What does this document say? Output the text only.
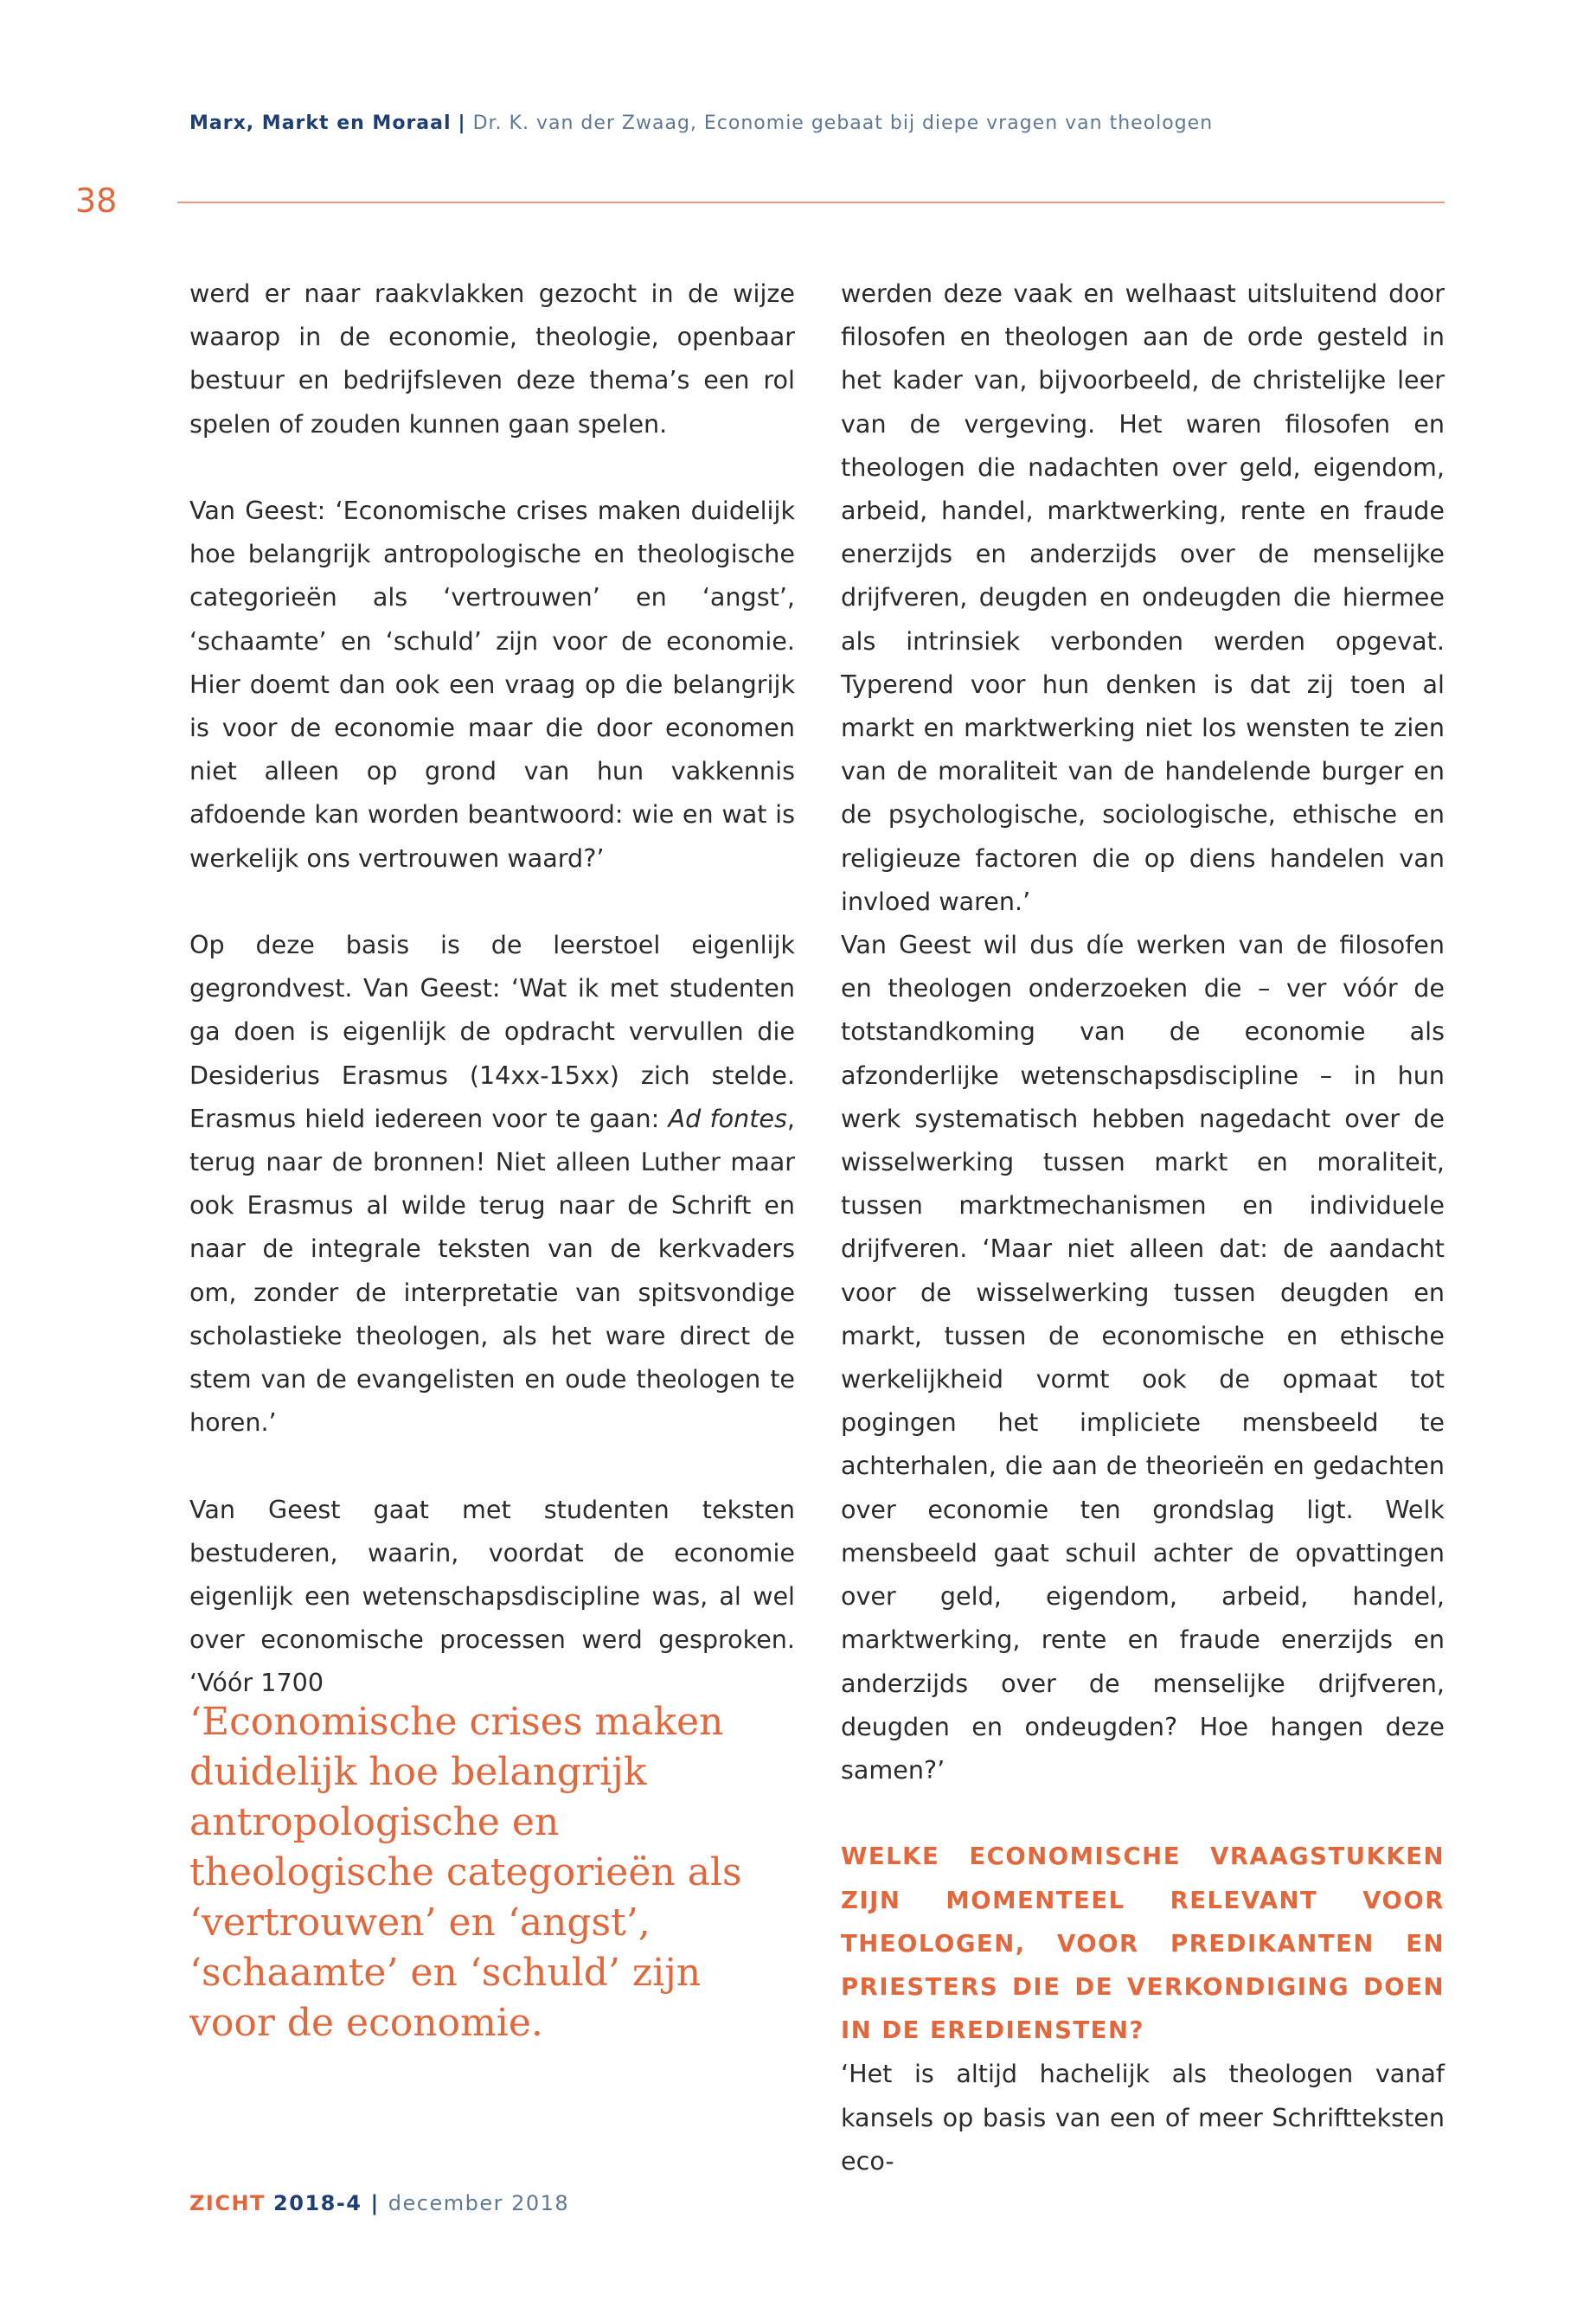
Marx, Markt en Moraal | Dr. K. van der Zwaag, Economie gebaat bij diepe vragen van theologen
38

werd er naar raakvlakken gezocht in de wijze waarop in de economie, theologie, openbaar bestuur en bedrijfsleven deze thema’s een rol spelen of zouden kunnen gaan spelen.

Van Geest: ‘Economische crises maken duidelijk hoe belangrijk antropologische en theologische categorieën als ‘vertrouwen’ en ‘angst’, ‘schaamte’ en ‘schuld’ zijn voor de economie. Hier doemt dan ook een vraag op die belangrijk is voor de economie maar die door economen niet alleen op grond van hun vakkennis afdoende kan worden beantwoord: wie en wat is werkelijk ons vertrouwen waard?’

Op deze basis is de leerstoel eigenlijk gegrondvest. Van Geest: ‘Wat ik met studenten ga doen is eigenlijk de opdracht vervullen die Desiderius Erasmus (14xx-15xx) zich stelde. Erasmus hield iedereen voor te gaan: Ad fontes, terug naar de bronnen! Niet alleen Luther maar ook Erasmus al wilde terug naar de Schrift en naar de integrale teksten van de kerkvaders om, zonder de interpretatie van spitsvondige scholastieke theologen, als het ware direct de stem van de evangelisten en oude theologen te horen.’

Van Geest gaat met studenten teksten bestuderen, waarin, voordat de economie eigenlijk een wetenschapsdiscipline was, al wel over economische processen werd gesproken. ‘Vóór 1700

‘Economische crises maken duidelijk hoe belangrijk antropologische en theologische categorieën als ‘vertrouwen’ en ‘angst’, ‘schaamte’ en ‘schuld’ zijn voor de economie.

werden deze vaak en welhaast uitsluitend door filosofen en theologen aan de orde gesteld in het kader van, bijvoorbeeld, de christelijke leer van de vergeving. Het waren filosofen en theologen die nadachten over geld, eigendom, arbeid, handel, marktwerking, rente en fraude enerzijds en anderzijds over de menselijke drijfveren, deugden en ondeugden die hiermee als intrinsiek verbonden werden opgevat. Typerend voor hun denken is dat zij toen al markt en marktwerking niet los wensten te zien van de moraliteit van de handelende burger en de psychologische, sociologische, ethische en religieuze factoren die op diens handelen van invloed waren.’

Van Geest wil dus díe werken van de filosofen en theologen onderzoeken die – ver vóór de totstandkoming van de economie als afzonderlijke wetenschapsdiscipline – in hun werk systematisch hebben nagedacht over de wisselwerking tussen markt en moraliteit, tussen marktmechanismen en individuele drijfveren. ‘Maar niet alleen dat: de aandacht voor de wisselwerking tussen deugden en markt, tussen de economische en ethische werkelijkheid vormt ook de opmaat tot pogingen het impliciete mensbeeld te achterhalen, die aan de theorieën en gedachten over economie ten grondslag ligt. Welk mensbeeld gaat schuil achter de opvattingen over geld, eigendom, arbeid, handel, marktwerking, rente en fraude enerzijds en anderzijds over de menselijke drijfveren, deugden en ondeugden? Hoe hangen deze samen?’

WELKE ECONOMISCHE VRAAGSTUKKEN ZIJN MOMENTEEL RELEVANT VOOR THEOLOGEN, VOOR PREDIKANTEN EN PRIESTERS DIE DE VERKONDIGING DOEN IN DE EREDIENSTEN?

‘Het is altijd hachelijk als theologen vanaf kansels op basis van een of meer Schriftteksten eco-

ZICHT 2018-4 | december 2018
